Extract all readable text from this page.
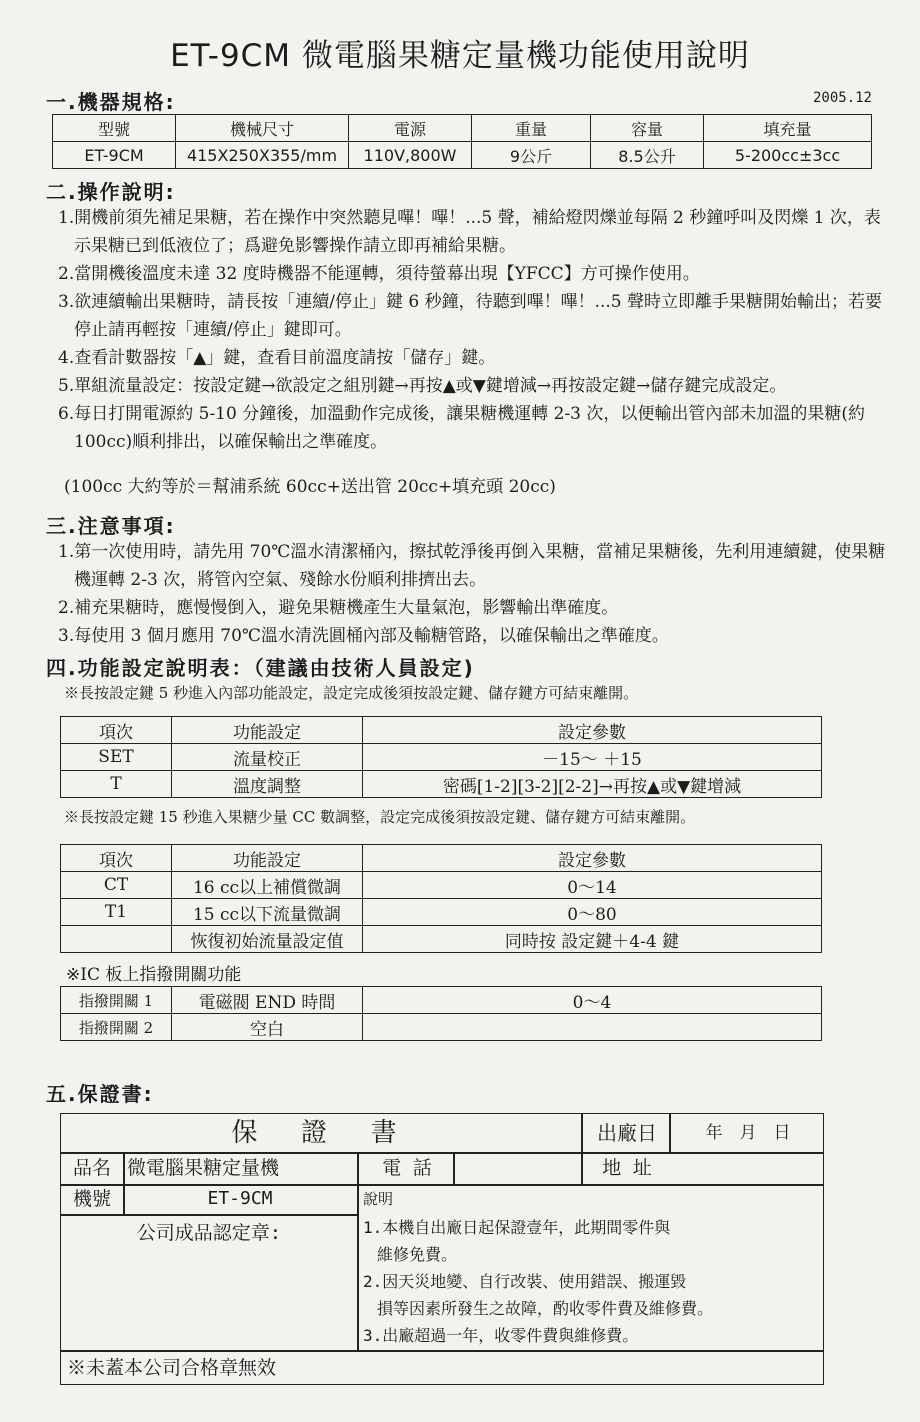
ET-9CM 微電腦果糖定量機功能使用說明
一.機器規格:	2005.12
型號	機械尺寸	電源	重量	容量	填充量
ET-9CM	415X250X355/mm	110V,800W	9公斤	8.5公升	5-200cc±3cc
二.操作說明:

1.開機前須先補足果糖，若在操作中突然聽見嗶！嗶！...5 聲，補給燈閃爍並每隔 2 秒鐘呼叫及閃爍 1 次，表示果糖已到低液位了；爲避免影響操作請立即再補給果糖。

2.當開機後溫度未達 32 度時機器不能運轉，須待螢幕出現【YFCC】方可操作使用。

3.欲連續輸出果糖時，請長按「連續/停止」鍵 6 秒鐘，待聽到嗶！嗶！...5 聲時立即離手果糖開始輸出；若要停止請再輕按「連續/停止」鍵即可。

4.查看計數器按「▲」鍵，查看目前溫度請按「儲存」鍵。

5.單組流量設定：按設定鍵→欲設定之組別鍵→再按▲或▼鍵增減→再按設定鍵→儲存鍵完成設定。

6.每日打開電源約 5-10 分鐘後，加溫動作完成後，讓果糖機運轉 2-3 次，以便輸出管內部未加溫的果糖(約 100cc)順利排出，以確保輸出之準確度。

(100cc 大約等於＝幫浦系統 60cc+送出管 20cc+填充頭 20cc)

三.注意事項:

1.第一次使用時，請先用 70℃溫水清潔桶內，擦拭乾淨後再倒入果糖，當補足果糖後，先利用連續鍵，使果糖機運轉 2-3 次，將管內空氣、殘餘水份順利排擠出去。

2.補充果糖時，應慢慢倒入，避免果糖機產生大量氣泡，影響輸出準確度。

3.每使用 3 個月應用 70℃溫水清洗圓桶內部及輸糖管路，以確保輸出之準確度。

四.功能設定說明表：（建議由技術人員設定)
※長按設定鍵 5 秒進入內部功能設定，設定完成後須按設定鍵、儲存鍵方可結束離開。
項次	功能設定	設定參數
SET	流量校正	－15～ ＋15
T	溫度調整	密碼[1-2][3-2][2-2]→再按▲或▼鍵增減
※長按設定鍵 15 秒進入果糖少量 CC 數調整，設定完成後須按設定鍵、儲存鍵方可結束離開。
項次	功能設定	設定參數
CT	16 cc以上補償微調	0～14
T1	15 cc以下流量微調	0～80
	恢復初始流量設定值	同時按 設定鍵＋4-4 鍵
※IC 板上指撥開關功能
指撥開關 1	電磁閥 END 時間	0～4
指撥開關 2	空白	
五.保證書:
保 證 書	出廠日	年　月　日
品名 微電腦果糖定量機	電 話	地 址
機號	ET-9CM
公司成品認定章:
說明
1.本機自出廠日起保證壹年，此期間零件與
維修免費。
2.因天災地變、自行改裝、使用錯誤、搬運毀
損等因素所發生之故障，酌收零件費及維修費。
3.出廠超過一年，收零件費與維修費。
※未蓋本公司合格章無效
